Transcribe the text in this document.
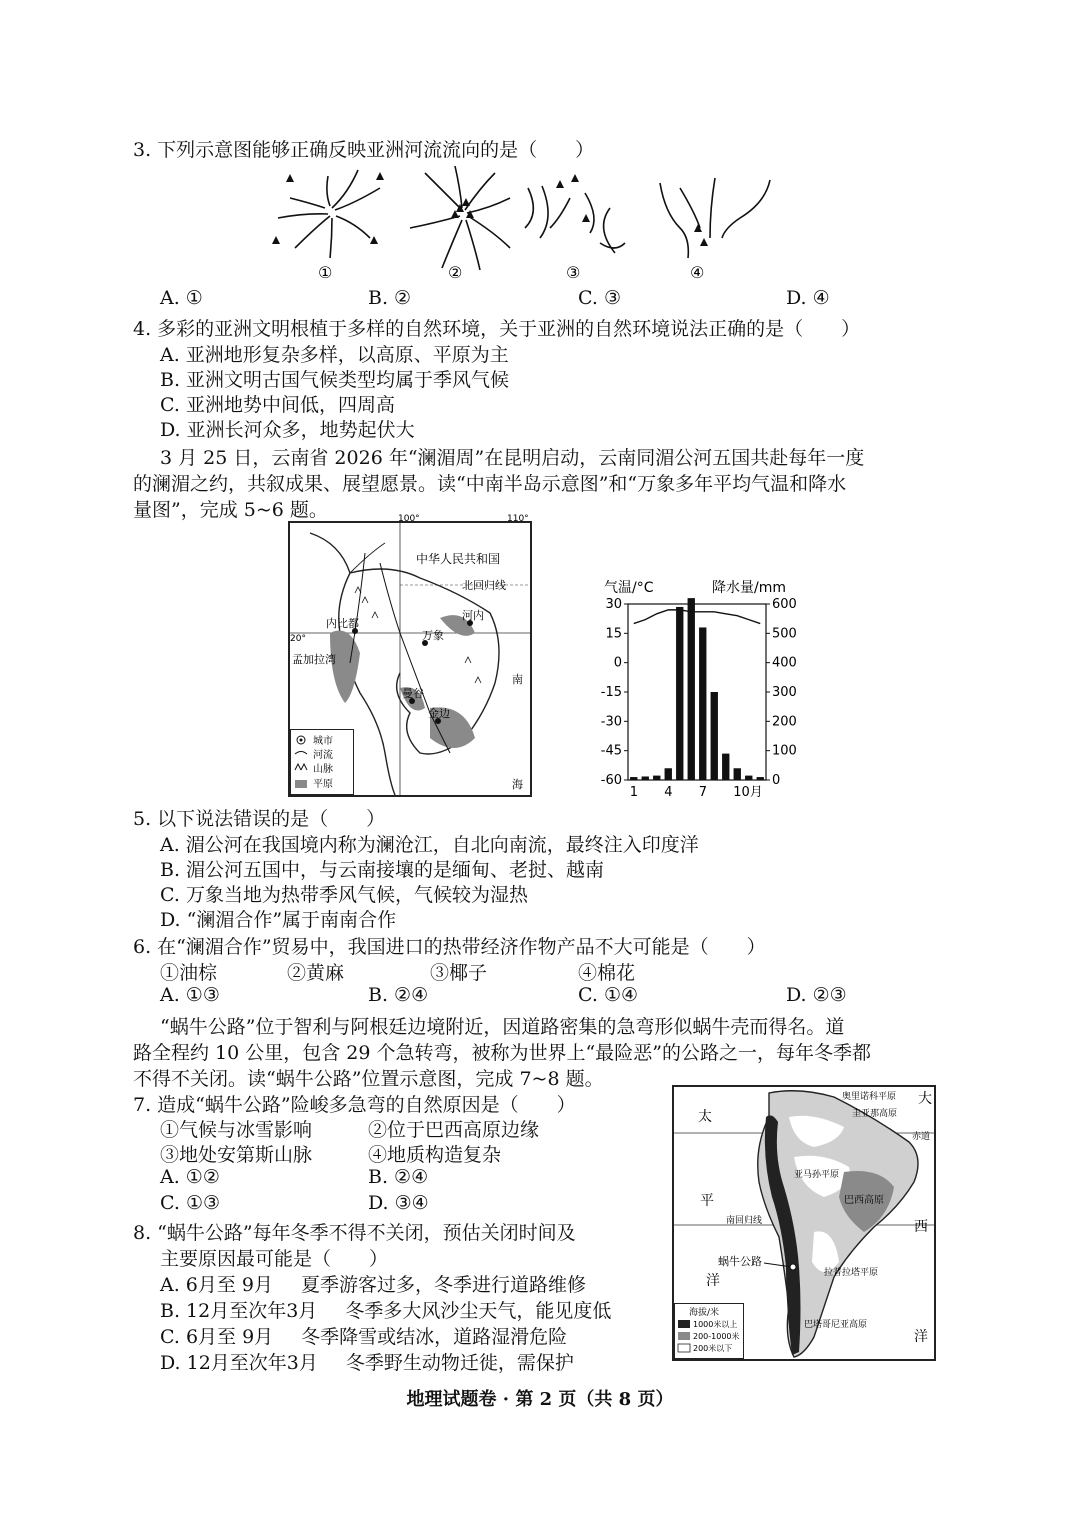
3. 下列示意图能够正确反映亚洲河流流向的是（　　）
①	②	③	④
A. ①	B. ②	C. ③	D. ④
4. 多彩的亚洲文明根植于多样的自然环境，关于亚洲的自然环境说法正确的是（　　）
A. 亚洲地形复杂多样，以高原、平原为主
B. 亚洲文明古国气候类型均属于季风气候
C. 亚洲地势中间低，四周高
D. 亚洲长河众多，地势起伏大
3 月 25 日，云南省 2026 年“澜湄周”在昆明启动，云南同湄公河五国共赴每年一度
的澜湄之约，共叙成果、展望愿景。读“中南半岛示意图”和“万象多年平均气温和降水
量图”，完成 5~6 题。	100°	110°
20°
中华人民共和国
北回归线
河内
内比都
万象
曼谷
金边
孟加拉湾
南
海
城市
河流
山脉
平原
气温/°C	降水量/mm
30
15
0
-15
-30
-45
-60
600
500
400
300
200
100
0
1 4 7 10月
5. 以下说法错误的是（　　）
A. 湄公河在我国境内称为澜沧江，自北向南流，最终注入印度洋
B. 湄公河五国中，与云南接壤的是缅甸、老挝、越南
C. 万象当地为热带季风气候，气候较为湿热
D. “澜湄合作”属于南南合作
6. 在“澜湄合作”贸易中，我国进口的热带经济作物产品不大可能是（　　）
①油棕	②黄麻	③椰子	④棉花
A. ①③	B. ②④	C. ①④	D. ②③
“蜗牛公路”位于智利与阿根廷边境附近，因道路密集的急弯形似蜗牛壳而得名。道
路全程约 10 公里，包含 29 个急转弯，被称为世界上“最险恶”的公路之一，每年冬季都
不得不关闭。读“蜗牛公路”位置示意图，完成 7~8 题。
7. 造成“蜗牛公路”险峻多急弯的自然原因是（　　）
①气候与冰雪影响	②位于巴西高原边缘
③地处安第斯山脉	④地质构造复杂
A. ①②	B. ②④
C. ①③	D. ③④
8. “蜗牛公路”每年冬季不得不关闭，预估关闭时间及
主要原因最可能是（　　）
A. 6月至 9月 夏季游客过多，冬季进行道路维修
B. 12月至次年3月 冬季多大风沙尘天气，能见度低
C. 6月至 9月 冬季降雪或结冰，道路湿滑危险
D. 12月至次年3月 冬季野生动物迁徙，需保护
奥里诺科平原
圭亚那高原
赤道
亚马孙平原
巴西高原
南回归线
蜗牛公路
拉普拉塔平原
巴塔哥尼亚高原
太
平
洋
大
西
洋
海拔/米
1000米以上
200-1000米
200米以下
地理试题卷 · 第 2 页（共 8 页）
